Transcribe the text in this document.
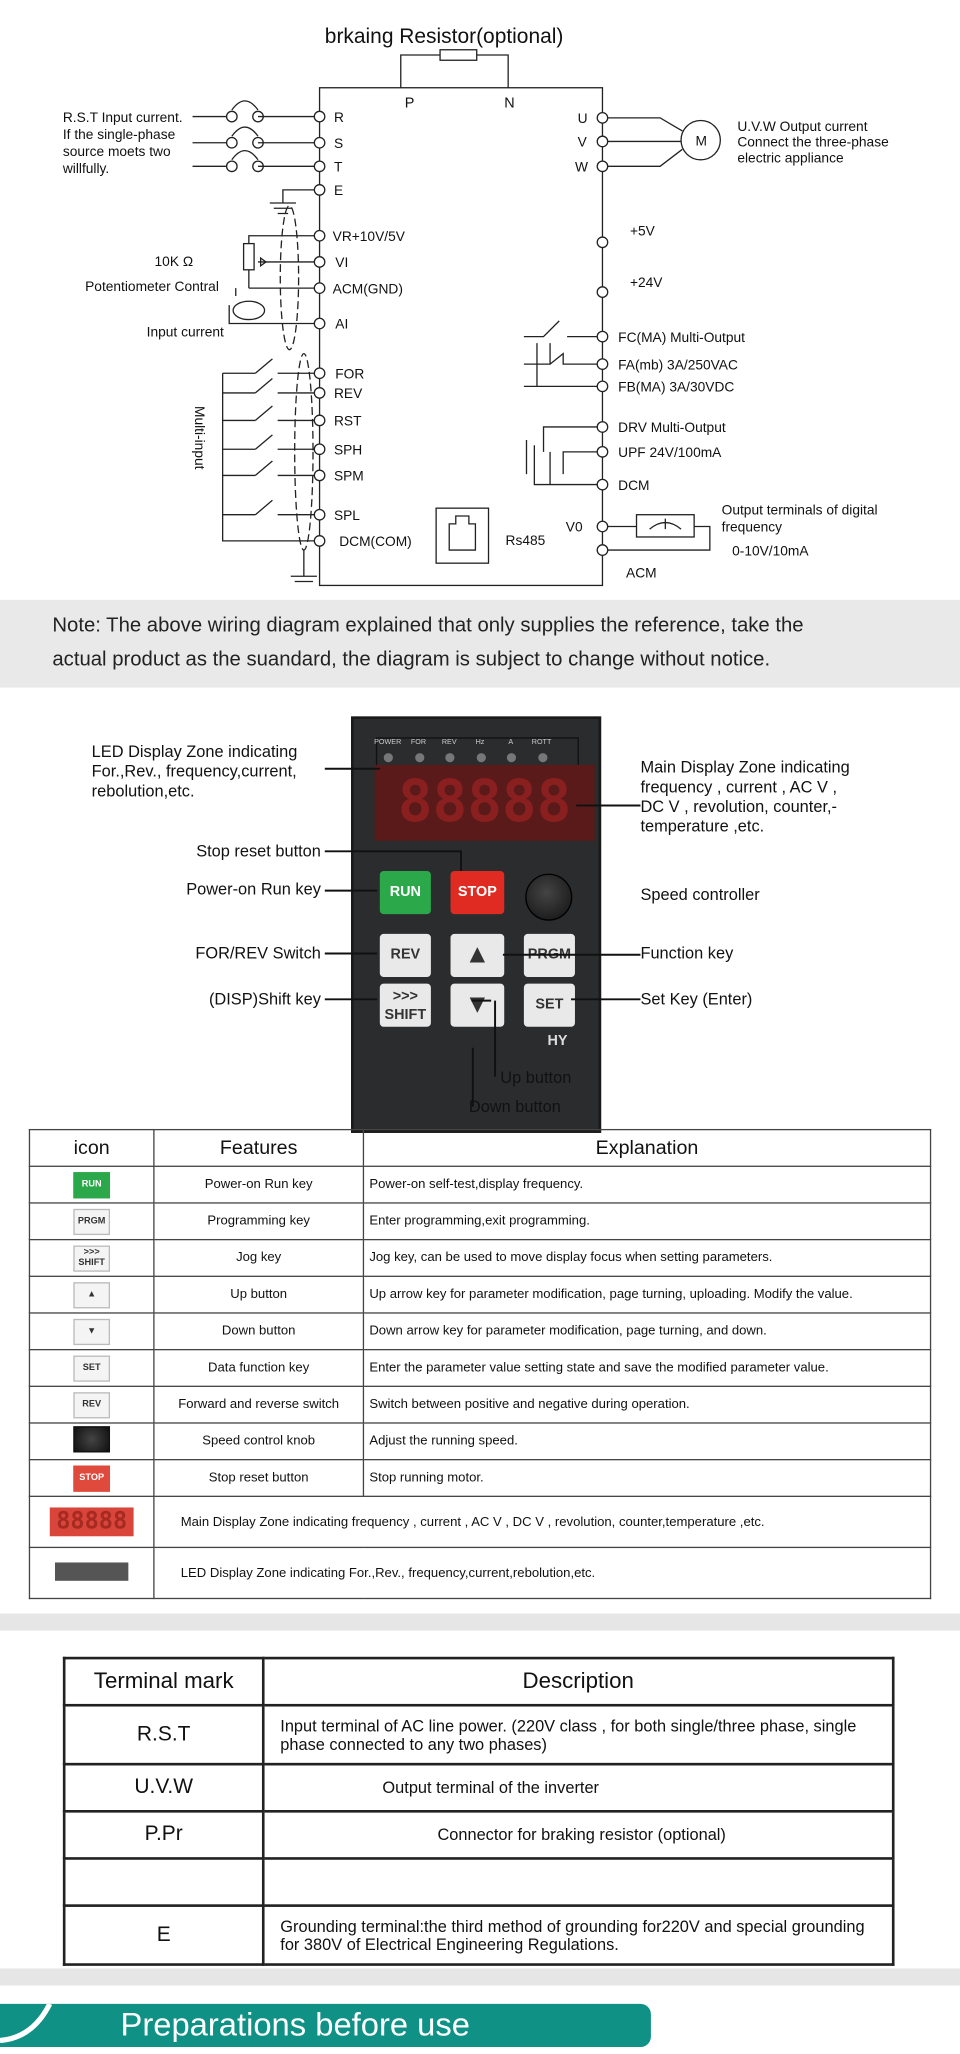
brkaing Resistor(optional)
P	N
R.S.T Input current. If the single-phase source moets two willfully.
R
S
T
E
VR+10V/5V
VI
ACM(GND)
AI
FOR
REV
RST
SPH
SPM
SPL
DCM(COM)
U
V
W
M
+5V
+24V
FC(MA) Multi-Output
FA(mb) 3A/250VAC
FB(MA) 3A/30VDC
DRV Multi-Output
UPF 24V/100mA
DCM
V0
ACM
Rs485
U.V.W Output current Connect the three-phase electric appliance
10K Ω
Potentiometer Contral
Input current
Multi-input
Output terminals of digital frequency 0-10V/10mA

Note: The above wiring diagram explained that only supplies the reference, take the
actual product as the suandard, the diagram is subject to change without notice.

88888
RUN	STOP
REV	▲	PRGM
>>>
SHIFT	▼	SET
HY
POWER	FOR	REV	Hz	A	ROTT
LED Display Zone indicating
For.,Rev., frequency,current,
rebolution,etc.
Main Display Zone indicating
frequency , current , AC V ,
DC V , revolution, counter,-
temperature ,etc.
Stop reset button
Power-on Run key
FOR/REV Switch
(DISP)Shift key
Speed controller
Function key
Set Key (Enter)
Up button
Down button
icon	Features	Explanation
RUN	Power-on Run key	Power-on self-test,display frequency.
PRGM	Programming key	Enter programming,exit programming.
>>>
SHIFT	Jog key	Jog key, can be used to move display focus when setting parameters.
▲	Up button	Up arrow key for parameter modification, page turning, uploading. Modify the value.
▼	Down button	Down arrow key for parameter modification, page turning, and down.
SET	Data function key	Enter the parameter value setting state and save the modified parameter value.
REV	Forward and reverse switch	Switch between positive and negative during operation.
	Speed control knob	Adjust the running speed.
STOP	Stop reset button	Stop running motor.
88888	Main Display Zone indicating frequency , current , AC V , DC V , revolution, counter,temperature ,etc.	
	LED Display Zone indicating For.,Rev., frequency,current,rebolution,etc.	
Terminal mark	Description
R.S.T	Input terminal of AC line power. (220V class , for both single/three phase, single phase connected to any two phases)
U.V.W	Output terminal of the inverter
P.Pr	Connector for braking resistor (optional)

E	Grounding terminal:the third method of grounding for220V and special grounding for 380V of Electrical Engineering Regulations.
Preparations before use
